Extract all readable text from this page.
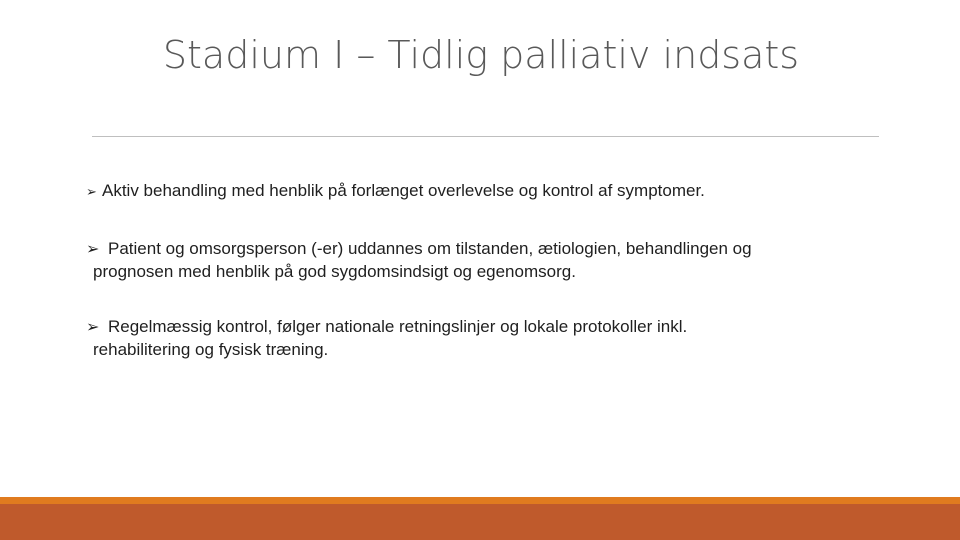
Stadium I – Tidlig palliativ indsats
➢ Aktiv behandling med henblik på forlænget overlevelse og kontrol af symptomer.
➢ Patient og omsorgsperson (-er) uddannes om tilstanden, ætiologien, behandlingen og
prognosen med henblik på god sygdomsindsigt og egenomsorg.
➢ Regelmæssig kontrol, følger nationale retningslinjer og lokale protokoller inkl.
rehabilitering og fysisk træning.
